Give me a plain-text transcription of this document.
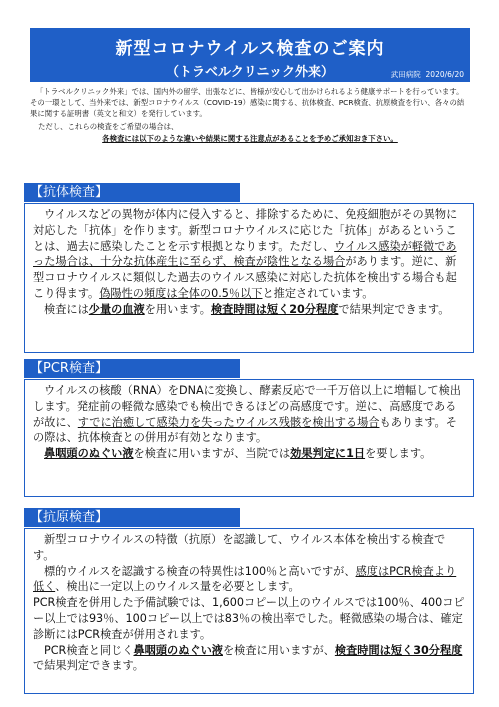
新型コロナウイルス検査のご案内
（トラベルクリニック外来）	武田病院 2020/6/20

「トラベルクリニック外来」では、国内外の留学、出張などに、皆様が安心して出かけられるよう健康サポートを行っています。 その一環として、当外来では、新型コロナウイルス（COVID-19）感染に関する、抗体検査、PCR検査、抗原検査を行い、各々の結果に関する証明書（英文と和文）を発行しています。

ただし、これらの検査をご希望の場合は、

各検査には以下のような違いや結果に関する注意点があることを予めご承知おき下さい。
【抗体検査】

ウイルスなどの異物が体内に侵入すると、排除するために、免疫細胞がその異物に対応した「抗体」を作ります。新型コロナウイルスに応じた「抗体」があるということは、過去に感染したことを示す根拠となります。ただし、ウイルス感染が軽微であった場合は、十分な抗体産生に至らず、検査が陰性となる場合があります。逆に、新型コロナウイルスに類似した過去のウイルス感染に対応した抗体を検出する場合も起こり得ます。偽陽性の頻度は全体の0.5％以下と推定されています。

検査には少量の血液を用います。検査時間は短く20分程度で結果判定できます。

【PCR検査】

ウイルスの核酸（RNA）をDNAに変換し、酵素反応で一千万倍以上に増幅して検出します。発症前の軽微な感染でも検出できるほどの高感度です。逆に、高感度であるが故に、すでに治癒して感染力を失ったウイルス残骸を検出する場合もあります。その際は、抗体検査との併用が有効となります。

鼻咽頭のぬぐい液を検査に用いますが、当院では効果判定に1日を要します。

【抗原検査】

新型コロナウイルスの特徴（抗原）を認識して、ウイルス本体を検出する検査です。

標的ウイルスを認識する検査の特異性は100％と高いですが、感度はPCR検査より低く、検出に一定以上のウイルス量を必要とします。

PCR検査を併用した予備試験では、1,600コピー以上のウイルスでは100％、400コピー以上では93％、100コピー以上では83％の検出率でした。軽微感染の場合は、確定診断にはPCR検査が併用されます。

PCR検査と同じく鼻咽頭のぬぐい液を検査に用いますが、検査時間は短く30分程度で結果判定できます。
